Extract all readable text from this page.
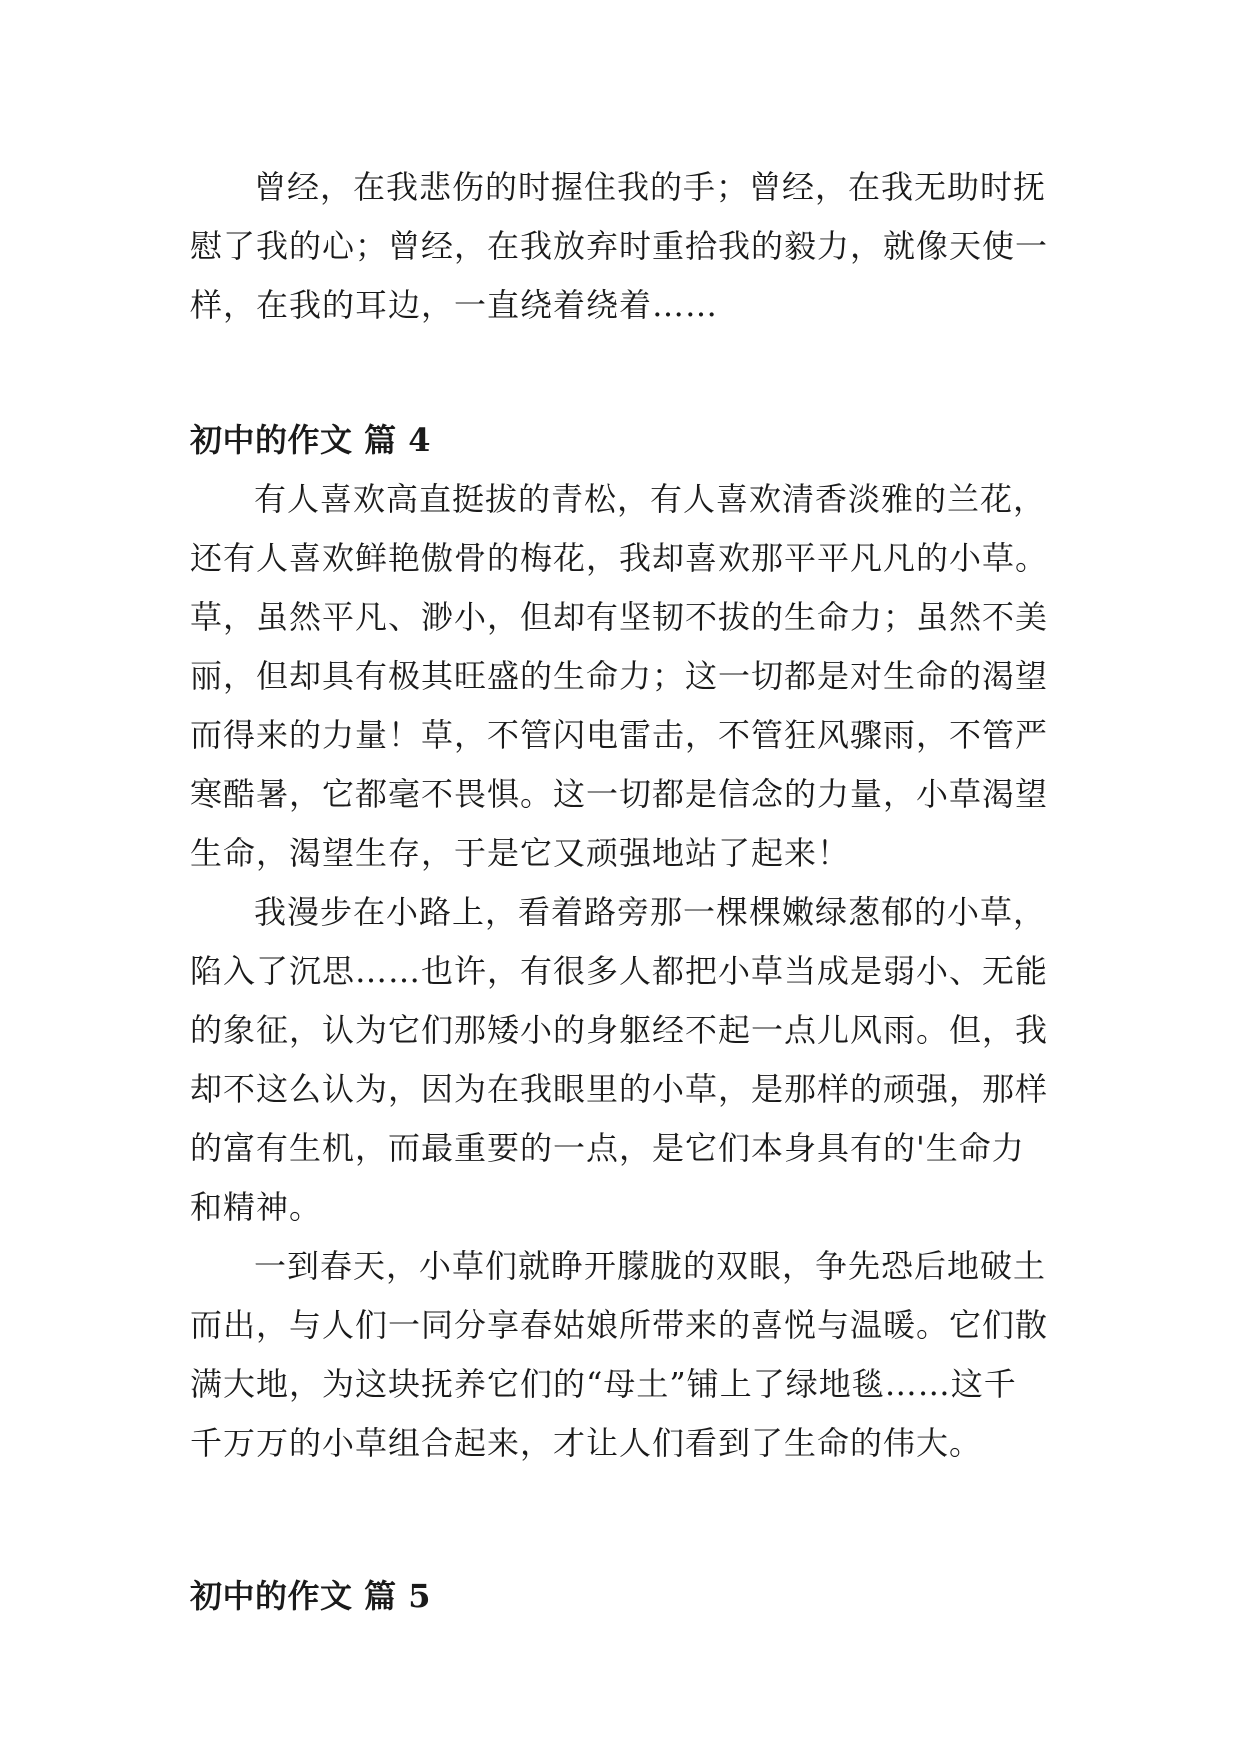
曾经，在我悲伤的时握住我的手；曾经，在我无助时抚
慰了我的心；曾经，在我放弃时重拾我的毅力，就像天使一
样，在我的耳边，一直绕着绕着……

初中的作文 篇 4

有人喜欢高直挺拔的青松，有人喜欢清香淡雅的兰花，
还有人喜欢鲜艳傲骨的梅花，我却喜欢那平平凡凡的小草。
草，虽然平凡、渺小，但却有坚韧不拔的生命力；虽然不美
丽，但却具有极其旺盛的生命力；这一切都是对生命的渴望
而得来的力量！草，不管闪电雷击，不管狂风骤雨，不管严
寒酷暑，它都毫不畏惧。这一切都是信念的力量，小草渴望
生命，渴望生存，于是它又顽强地站了起来！

我漫步在小路上，看着路旁那一棵棵嫩绿葱郁的小草，
陷入了沉思……也许，有很多人都把小草当成是弱小、无能
的象征，认为它们那矮小的身躯经不起一点儿风雨。但，我
却不这么认为，因为在我眼里的小草，是那样的顽强，那样
的富有生机，而最重要的一点，是它们本身具有的'生命力
和精神。

一到春天，小草们就睁开朦胧的双眼，争先恐后地破土
而出，与人们一同分享春姑娘所带来的喜悦与温暖。它们散
满大地，为这块抚养它们的“母土”铺上了绿地毯……这千
千万万的小草组合起来，才让人们看到了生命的伟大。

初中的作文 篇 5
